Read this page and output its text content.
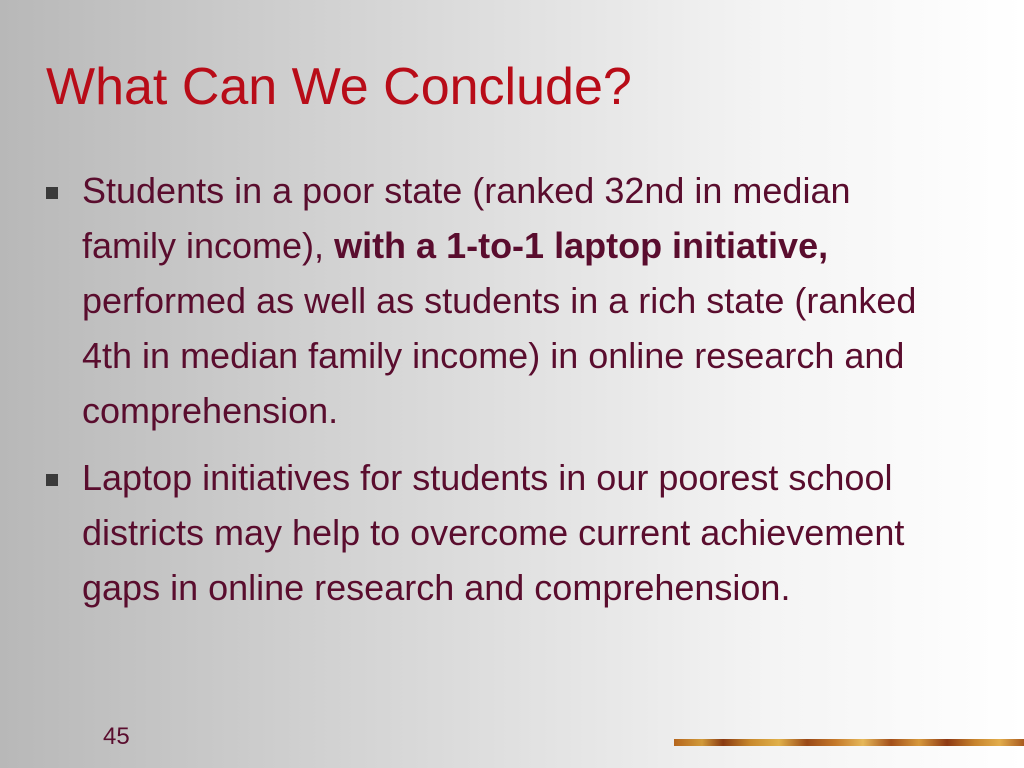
What Can We Conclude?
Students in a poor state (ranked 32nd in median family income), with a 1-to-1 laptop initiative, performed as well as students in a rich state (ranked 4th in median family income) in online research and comprehension.
Laptop initiatives for students in our poorest school districts may help to overcome current achievement gaps in online research and comprehension.
45
